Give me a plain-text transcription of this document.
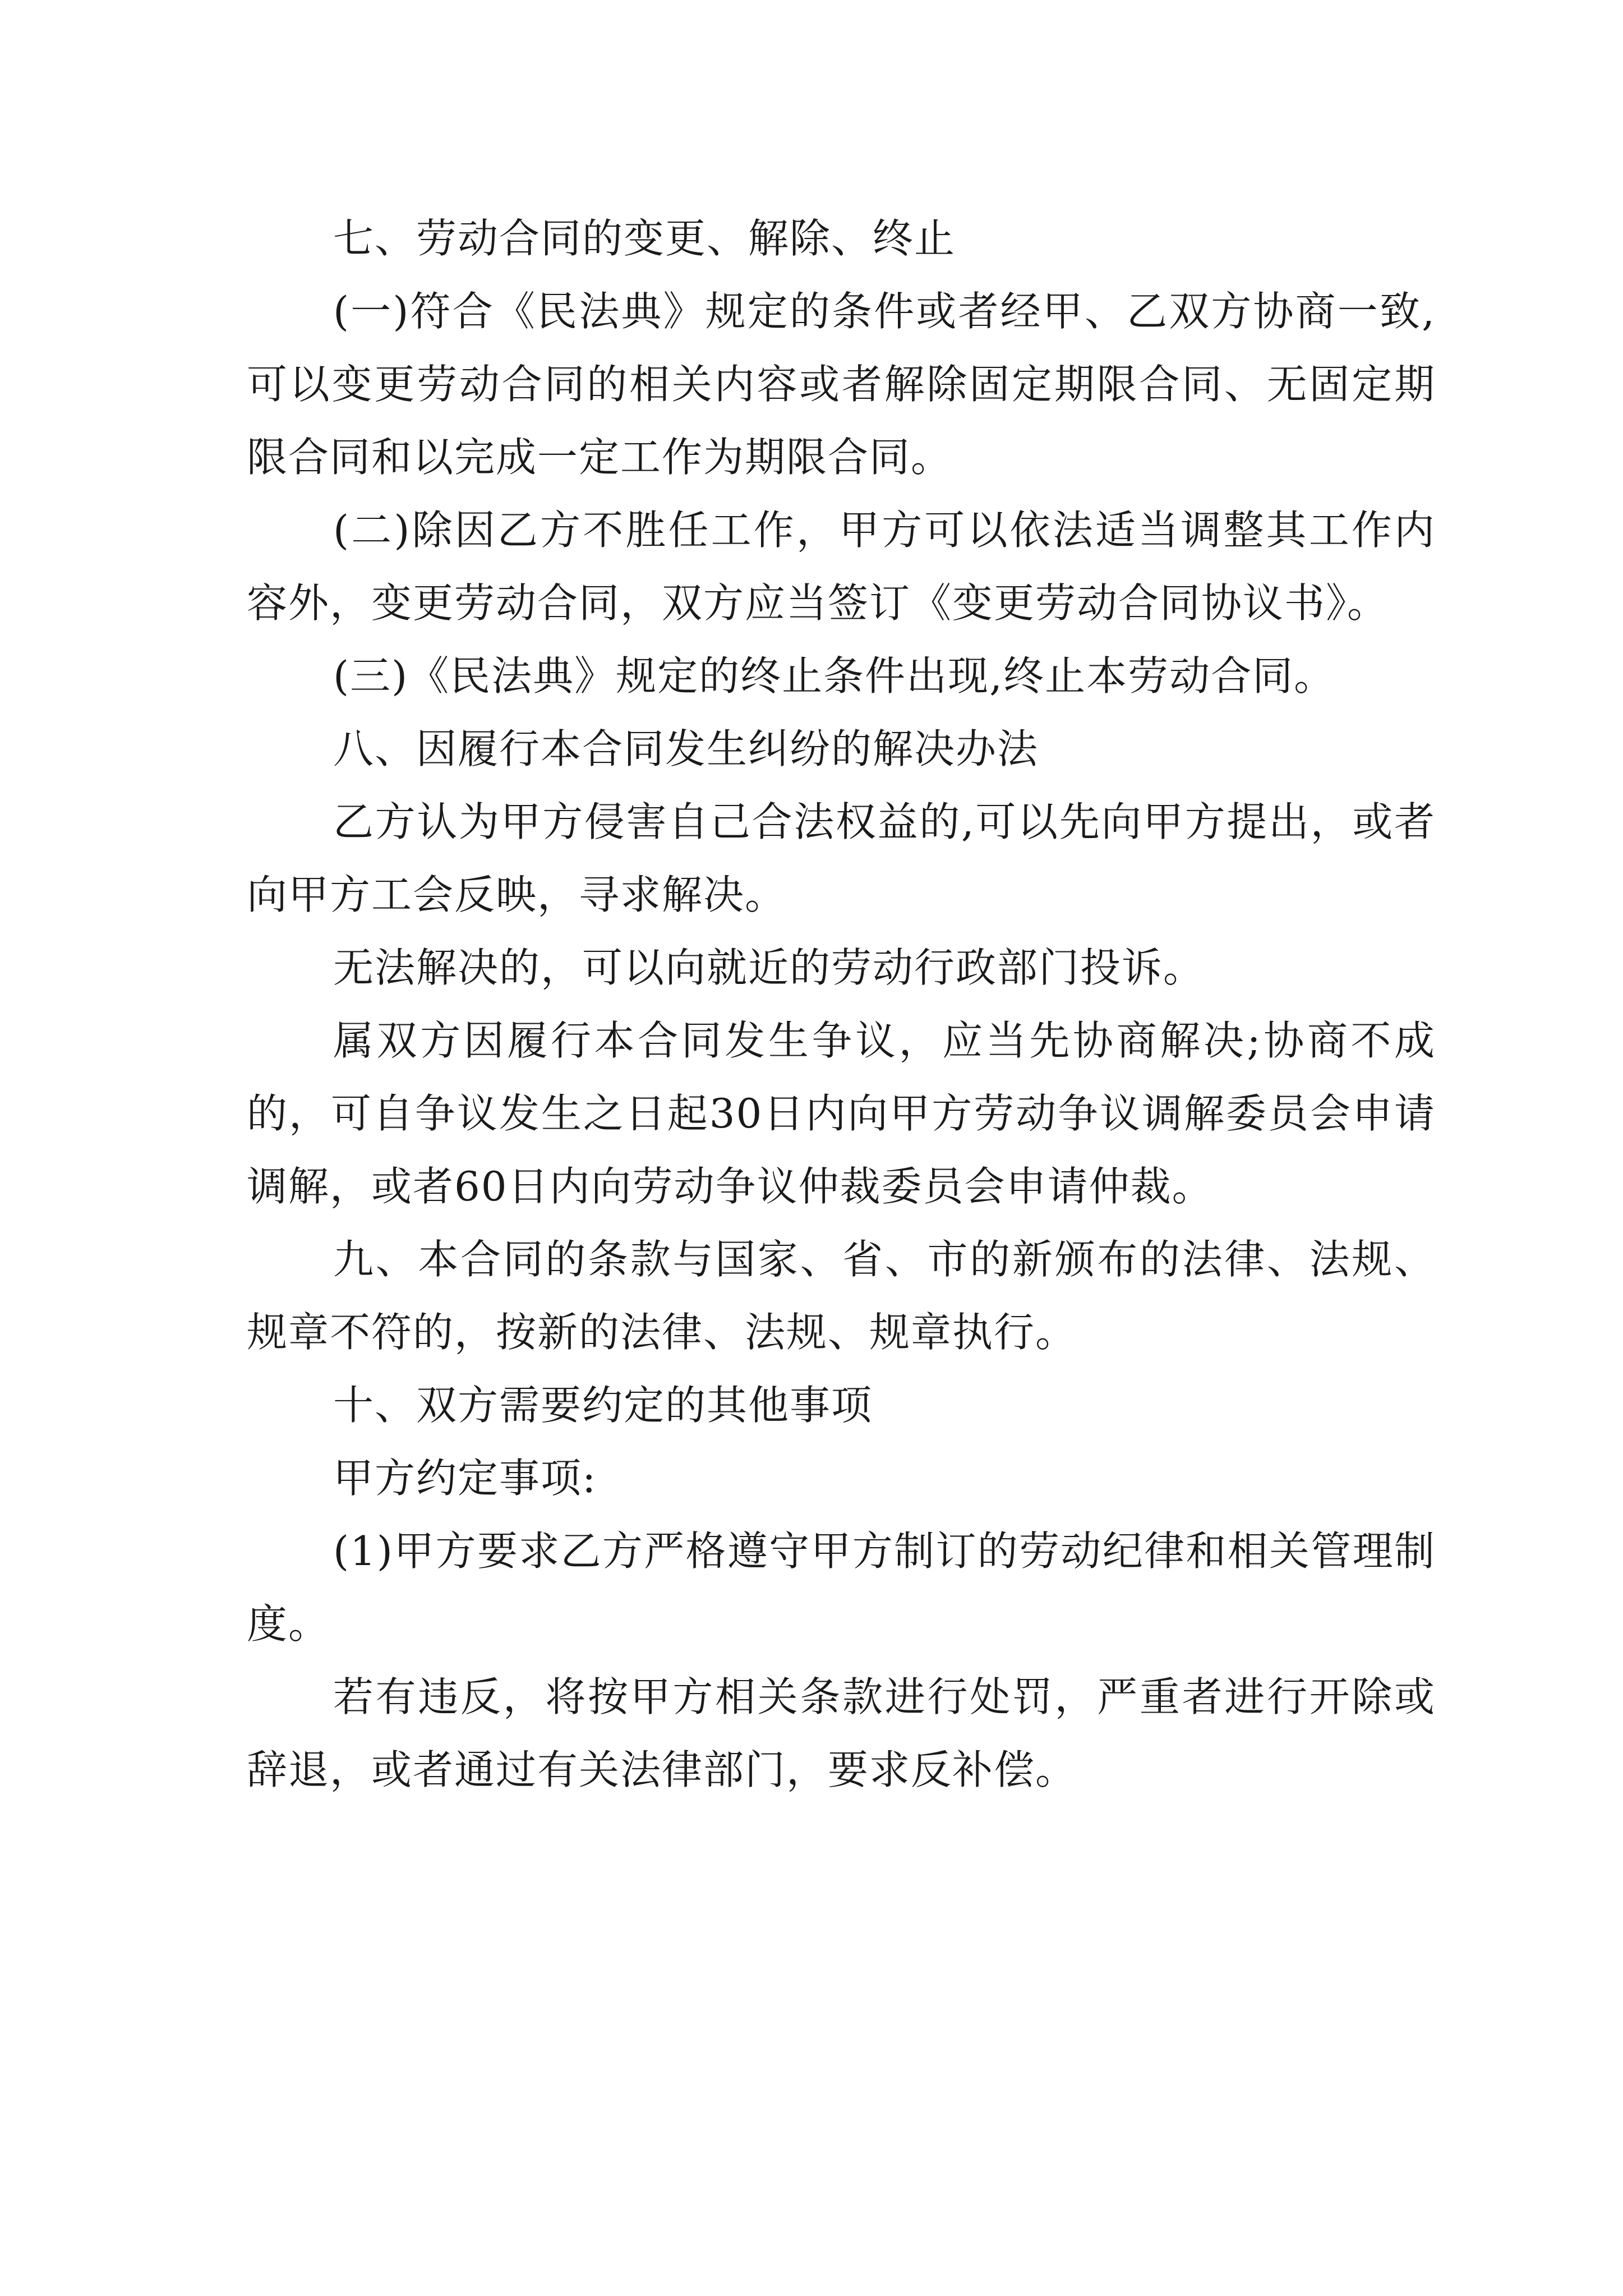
七、劳动合同的变更、解除、终止

(一)符合《民法典》规定的条件或者经甲、乙双方协商一致,可以变更劳动合同的相关内容或者解除固定期限合同、无固定期限合同和以完成一定工作为期限合同。

(二)除因乙方不胜任工作，甲方可以依法适当调整其工作内容外，变更劳动合同，双方应当签订《变更劳动合同协议书》。

(三)《民法典》规定的终止条件出现,终止本劳动合同。

八、因履行本合同发生纠纷的解决办法

乙方认为甲方侵害自己合法权益的,可以先向甲方提出，或者向甲方工会反映，寻求解决。

无法解决的，可以向就近的劳动行政部门投诉。

属双方因履行本合同发生争议，应当先协商解决;协商不成的，可自争议发生之日起30日内向甲方劳动争议调解委员会申请调解，或者60日内向劳动争议仲裁委员会申请仲裁。

九、本合同的条款与国家、省、市的新颁布的法律、法规、规章不符的，按新的法律、法规、规章执行。

十、双方需要约定的其他事项

甲方约定事项:

(1)甲方要求乙方严格遵守甲方制订的劳动纪律和相关管理制度。

若有违反，将按甲方相关条款进行处罚，严重者进行开除或辞退，或者通过有关法律部门，要求反补偿。
